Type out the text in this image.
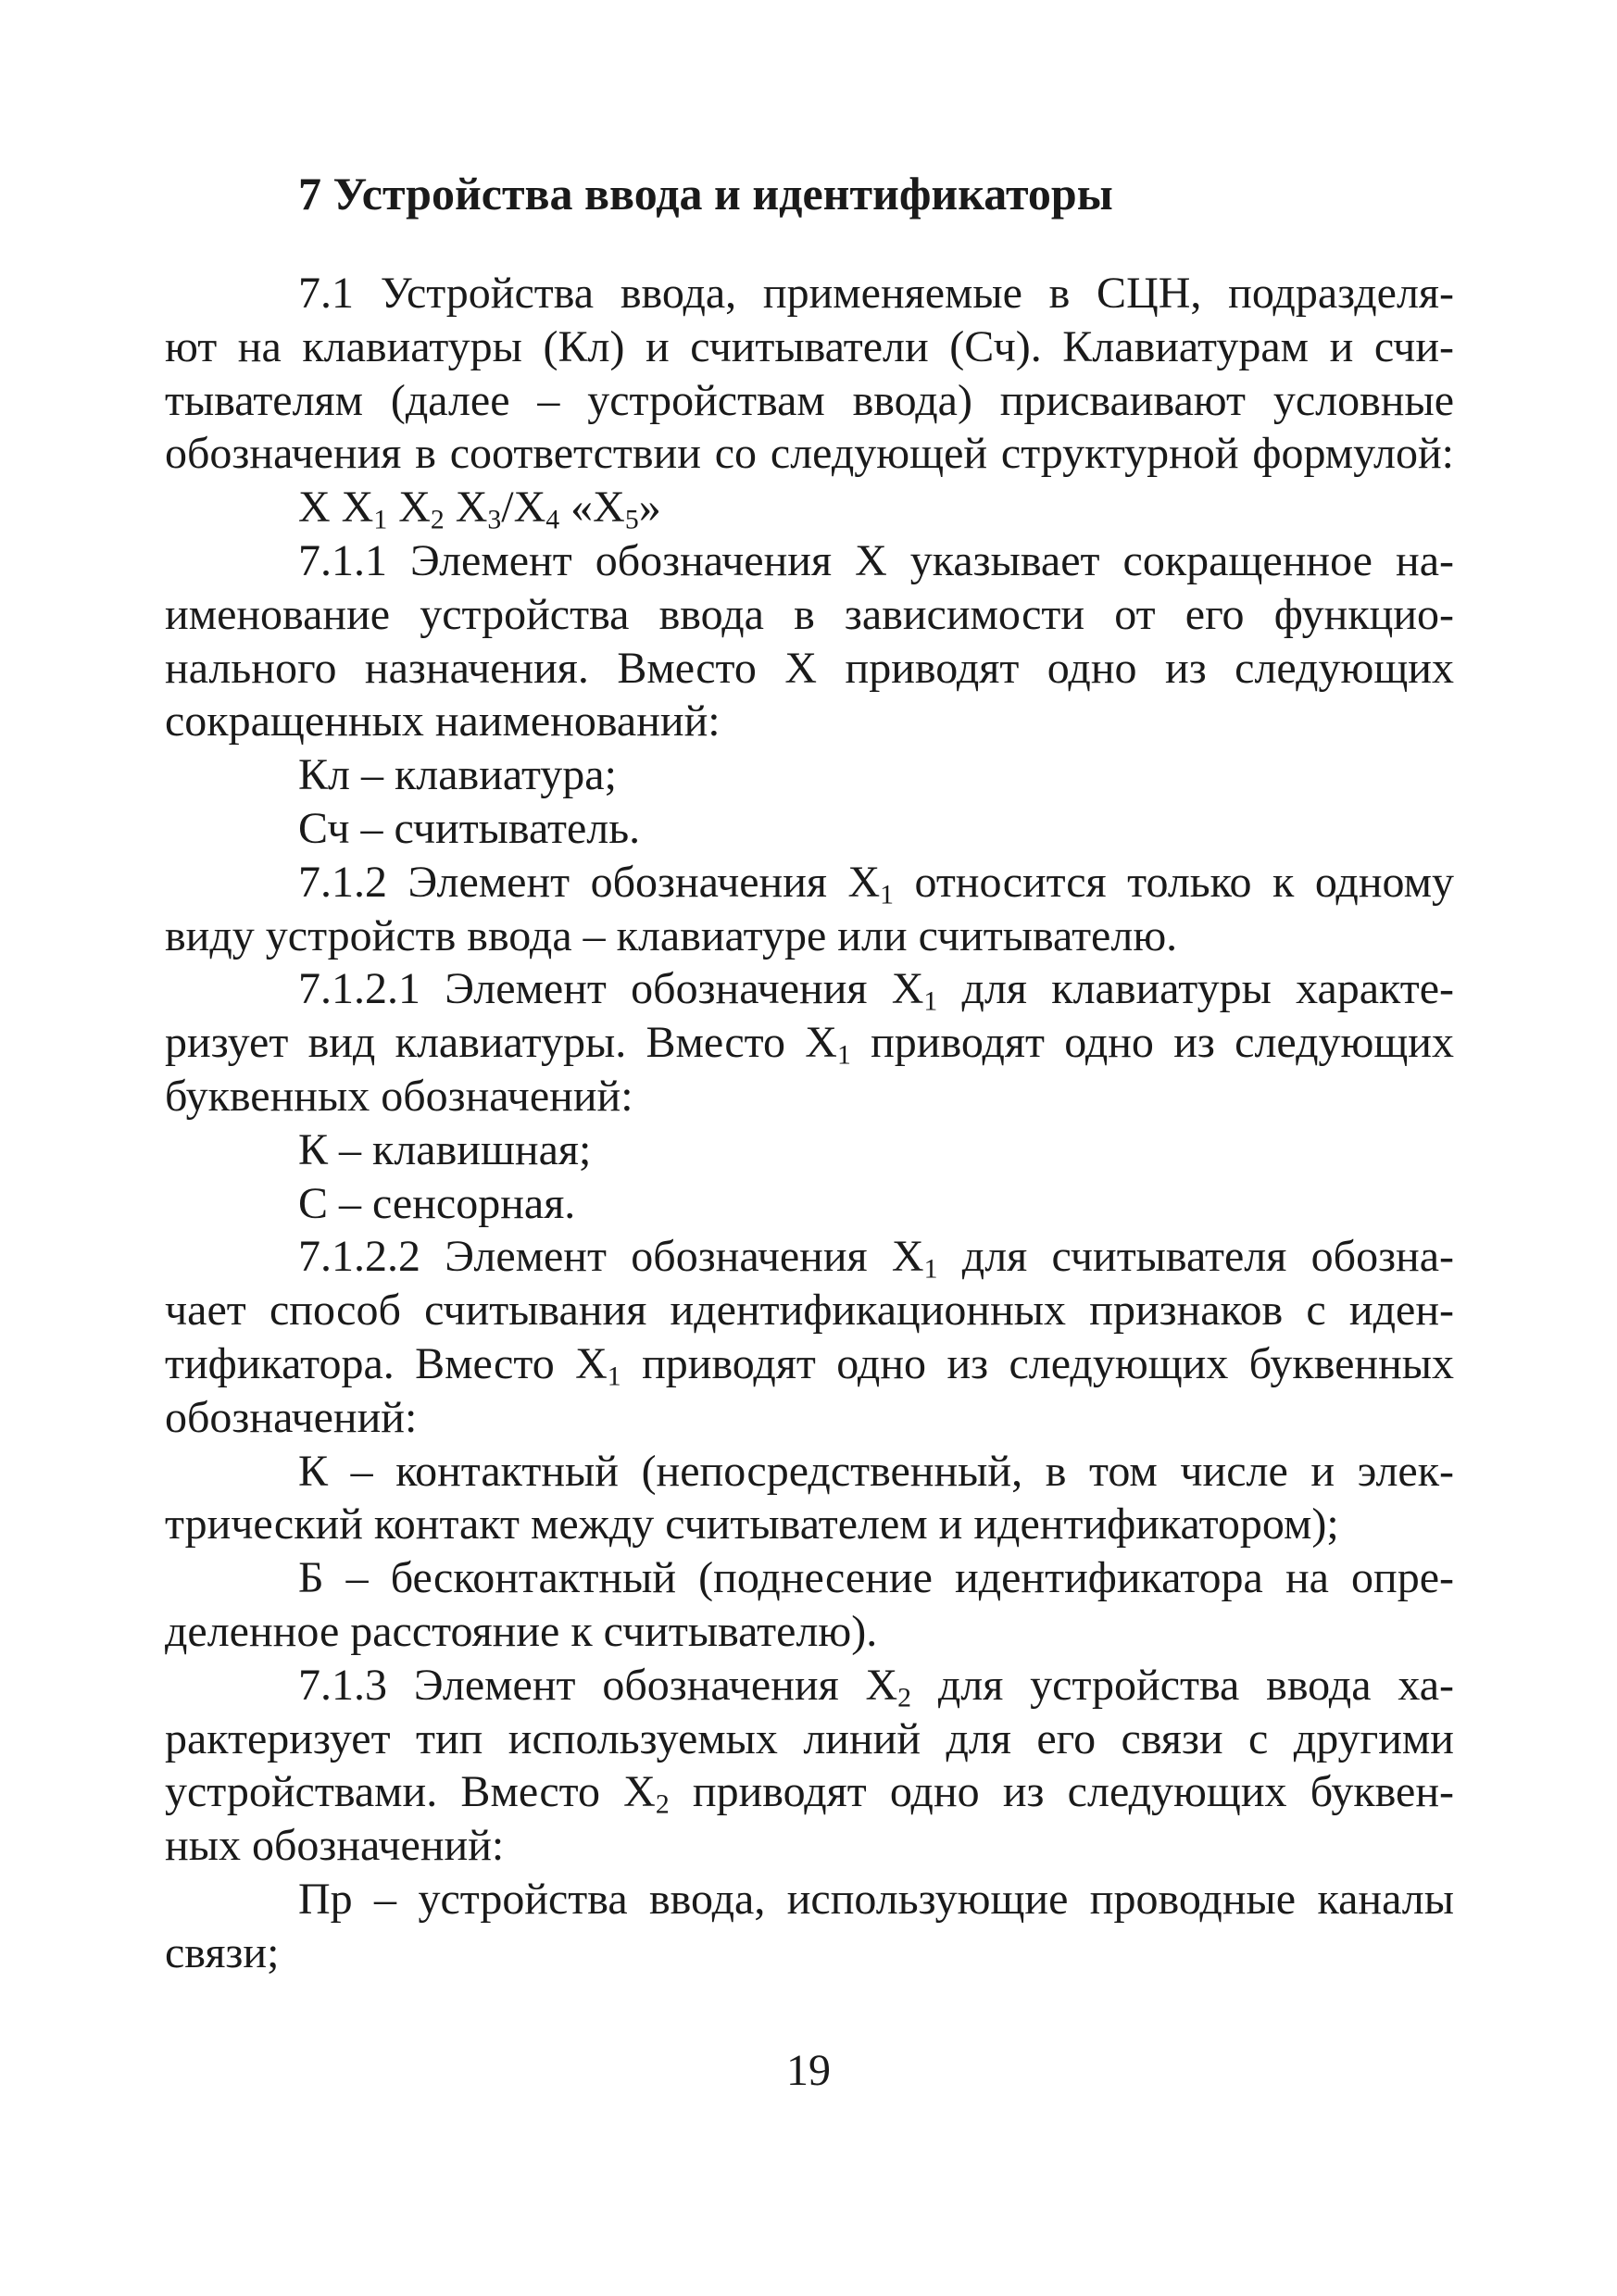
7 Устройства ввода и идентификаторы
7.1 Устройства ввода, применяемые в СЦН, подразделя-
ют на клавиатуры (Кл) и считыватели (Сч). Клавиатурам и счи-
тывателям (далее – устройствам ввода) присваивают условные
обозначения в соответствии со следующей структурной формулой:
X $X_1$ $X_2$ $X_3/X_4$ «$X_5$»
7.1.1 Элемент обозначения X указывает сокращенное на-
именование устройства ввода в зависимости от его функцио-
нального назначения. Вместо X приводят одно из следующих
сокращенных наименований:
Кл – клавиатура;
Сч – считыватель.
7.1.2 Элемент обозначения $X_1$ относится только к одному
виду устройств ввода – клавиатуре или считывателю.
7.1.2.1 Элемент обозначения $X_1$ для клавиатуры характе-
ризует вид клавиатуры. Вместо $X_1$ приводят одно из следующих
буквенных обозначений:
К – клавишная;
С – сенсорная.
7.1.2.2 Элемент обозначения $X_1$ для считывателя обозна-
чает способ считывания идентификационных признаков с иден-
тификатора. Вместо $X_1$ приводят одно из следующих буквенных
обозначений:
К – контактный (непосредственный, в том числе и элек-
трический контакт между считывателем и идентификатором);
Б – бесконтактный (поднесение идентификатора на опре-
деленное расстояние к считывателю).
7.1.3 Элемент обозначения $X_2$ для устройства ввода ха-
рактеризует тип используемых линий для его связи с другими
устройствами. Вместо $X_2$ приводят одно из следующих буквен-
ных обозначений:
Пр – устройства ввода, использующие проводные каналы
связи;
19
